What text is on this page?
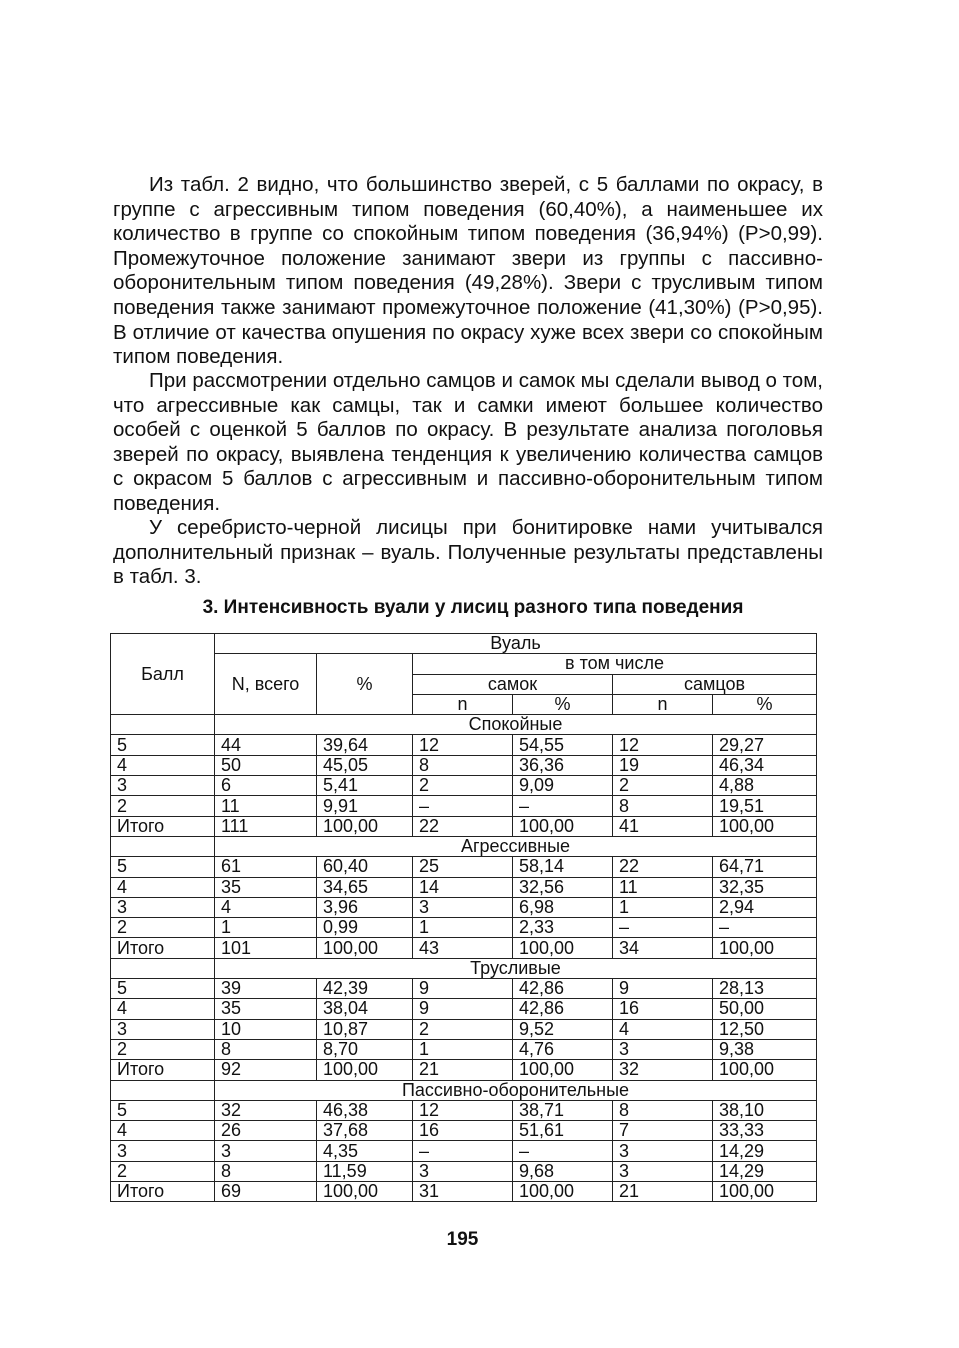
Из табл. 2 видно, что большинство зверей, с 5 баллами по окрасу, в группе с агрессивным типом поведения (60,40%), а наименьшее их количество в группе со спокойным типом поведения (36,94%) (P>0,99). Промежуточное положение занимают звери из группы с пассивно-оборонительным типом поведения (49,28%). Звери с трусливым типом поведения также занимают промежуточное положение (41,30%) (P>0,95). В отличие от качества опушения по окрасу хуже всех звери со спокойным типом поведения.

При рассмотрении отдельно самцов и самок мы сделали вывод о том, что агрессивные как самцы, так и самки имеют большее количество особей с оценкой 5 баллов по окрасу. В результате анализа поголовья зверей по окрасу, выявлена тенденция к увеличению количества самцов с окрасом 5 баллов с агрессивным и пассивно-оборонительным типом поведения.

У серебристо-черной лисицы при бонитировке нами учитывался дополнительный признак – вуаль. Полученные результаты представлены в табл. 3.

3. Интенсивность вуали у лисиц разного типа поведения
Балл	Вуаль					
	N, всего	%	в том числе			
			самок		самцов	
			n	%	n	%
	Спокойные					
5	44	39,64	12	54,55	12	29,27
4	50	45,05	8	36,36	19	46,34
3	6	5,41	2	9,09	2	4,88
2	11	9,91	–	–	8	19,51
Итого	111	100,00	22	100,00	41	100,00
	Агрессивные					
5	61	60,40	25	58,14	22	64,71
4	35	34,65	14	32,56	11	32,35
3	4	3,96	3	6,98	1	2,94
2	1	0,99	1	2,33	–	–
Итого	101	100,00	43	100,00	34	100,00
	Трусливые					
5	39	42,39	9	42,86	9	28,13
4	35	38,04	9	42,86	16	50,00
3	10	10,87	2	9,52	4	12,50
2	8	8,70	1	4,76	3	9,38
Итого	92	100,00	21	100,00	32	100,00
	Пассивно-оборонительные					
5	32	46,38	12	38,71	8	38,10
4	26	37,68	16	51,61	7	33,33
3	3	4,35	–	–	3	14,29
2	8	11,59	3	9,68	3	14,29
Итого	69	100,00	31	100,00	21	100,00
195
